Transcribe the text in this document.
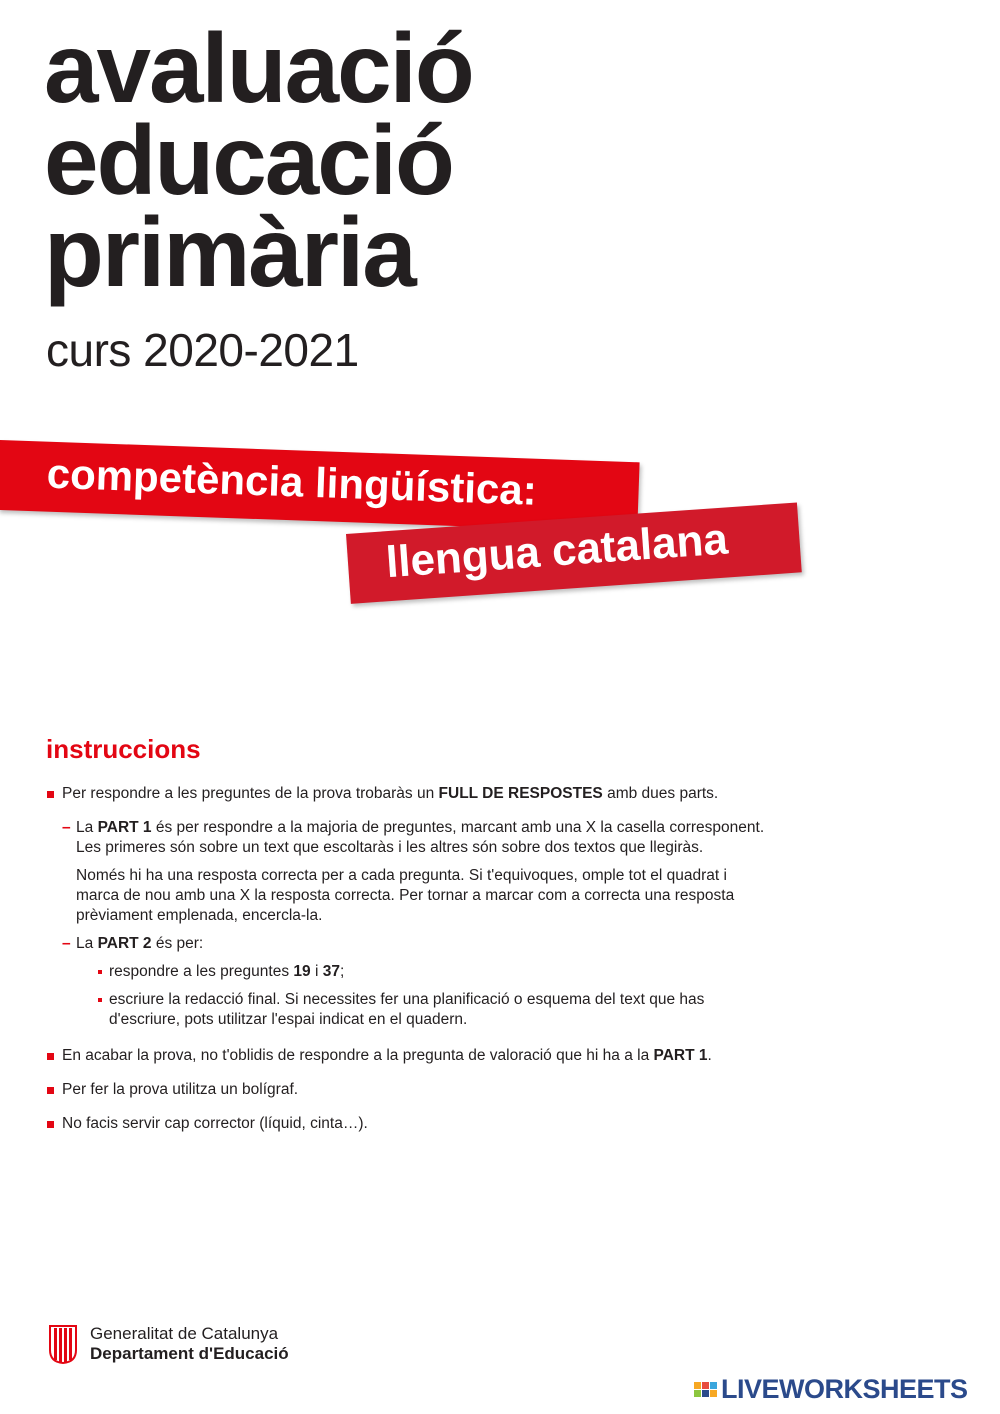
avaluació
educació
primària
curs 2020-2021
competència lingüística:
llengua catalana
instruccions
Per respondre a les preguntes de la prova trobaràs un FULL DE RESPOSTES amb dues parts.
– La PART 1 és per respondre a la majoria de preguntes, marcant amb una X la casella corresponent. Les primeres són sobre un text que escoltaràs i les altres són sobre dos textos que llegiràs.

Només hi ha una resposta correcta per a cada pregunta. Si t'equivoques, omple tot el quadrat i marca de nou amb una X la resposta correcta. Per tornar a marcar com a correcta una resposta prèviament emplenada, encercla-la.

– La PART 2 és per:
respondre a les preguntes 19 i 37;
escriure la redacció final. Si necessites fer una planificació o esquema del text que has d'escriure, pots utilitzar l'espai indicat en el quadern.
En acabar la prova, no t'oblidis de respondre a la pregunta de valoració que hi ha a la PART 1.
Per fer la prova utilitza un bolígraf.
No facis servir cap corrector (líquid, cinta…).
Generalitat de Catalunya
Departament d'Educació
LIVEWORKSHEETS
